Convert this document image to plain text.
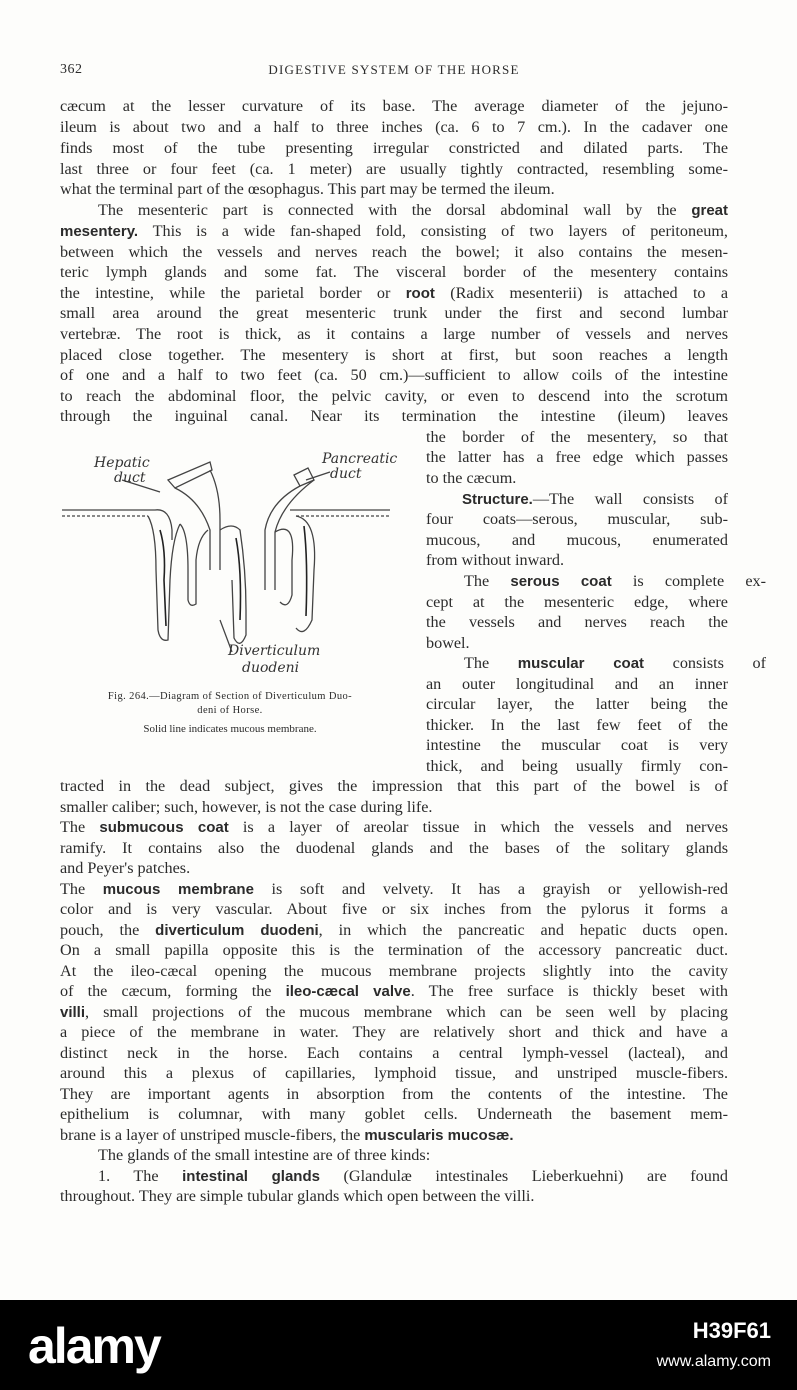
362	DIGESTIVE SYSTEM OF THE HORSE
cæcum at the lesser curvature of its base. The average diameter of the jejuno-
ileum is about two and a half to three inches (ca. 6 to 7 cm.). In the cadaver one
finds most of the tube presenting irregular constricted and dilated parts. The
last three or four feet (ca. 1 meter) are usually tightly contracted, resembling some-
what the terminal part of the œsophagus. This part may be termed the ileum.
The mesenteric part is connected with the dorsal abdominal wall by the great
mesentery. This is a wide fan-shaped fold, consisting of two layers of peritoneum,
between which the vessels and nerves reach the bowel; it also contains the mesen-
teric lymph glands and some fat. The visceral border of the mesentery contains
the intestine, while the parietal border or root (Radix mesenterii) is attached to a
small area around the great mesenteric trunk under the first and second lumbar
vertebræ. The root is thick, as it contains a large number of vessels and nerves
placed close together. The mesentery is short at first, but soon reaches a length
of one and a half to two feet (ca. 50 cm.)—sufficient to allow coils of the intestine
to reach the abdominal floor, the pelvic cavity, or even to descend into the scrotum
through the inguinal canal. Near its termination the intestine (ileum) leaves
the border of the mesentery, so that
the latter has a free edge which passes
to the cæcum.
Structure.—The wall consists of
four coats—serous, muscular, sub-
mucous, and mucous, enumerated
from without inward.
The serous coat is complete ex-
cept at the mesenteric edge, where
the vessels and nerves reach the
bowel.
The muscular coat consists of
an outer longitudinal and an inner
circular layer, the latter being the
thicker. In the last few feet of the
intestine the muscular coat is very
thick, and being usually firmly con-
tracted in the dead subject, gives the impression that this part of the bowel is of
smaller caliber; such, however, is not the case during life.
The submucous coat is a layer of areolar tissue in which the vessels and nerves
ramify. It contains also the duodenal glands and the bases of the solitary glands
and Peyer's patches.
The mucous membrane is soft and velvety. It has a grayish or yellowish-red
color and is very vascular. About five or six inches from the pylorus it forms a
pouch, the diverticulum duodeni, in which the pancreatic and hepatic ducts open.
On a small papilla opposite this is the termination of the accessory pancreatic duct.
At the ileo-cæcal opening the mucous membrane projects slightly into the cavity
of the cæcum, forming the ileo-cæcal valve. The free surface is thickly beset with
villi, small projections of the mucous membrane which can be seen well by placing
a piece of the membrane in water. They are relatively short and thick and have a
distinct neck in the horse. Each contains a central lymph-vessel (lacteal), and
around this a plexus of capillaries, lymphoid tissue, and unstriped muscle-fibers.
They are important agents in absorption from the contents of the intestine. The
epithelium is columnar, with many goblet cells. Underneath the basement mem-
brane is a layer of unstriped muscle-fibers, the muscularis mucosæ.
The glands of the small intestine are of three kinds:
1. The intestinal glands (Glandulæ intestinales Lieberkuehni) are found
throughout. They are simple tubular glands which open between the villi.
Hepatic
duct
Pancreatic
duct
Diverticulum
duodeni
Fig. 264.—Diagram of Section of Diverticulum Duo-
deni of Horse.
Solid line indicates mucous membrane.
alamy	H39F61
www.alamy.com
